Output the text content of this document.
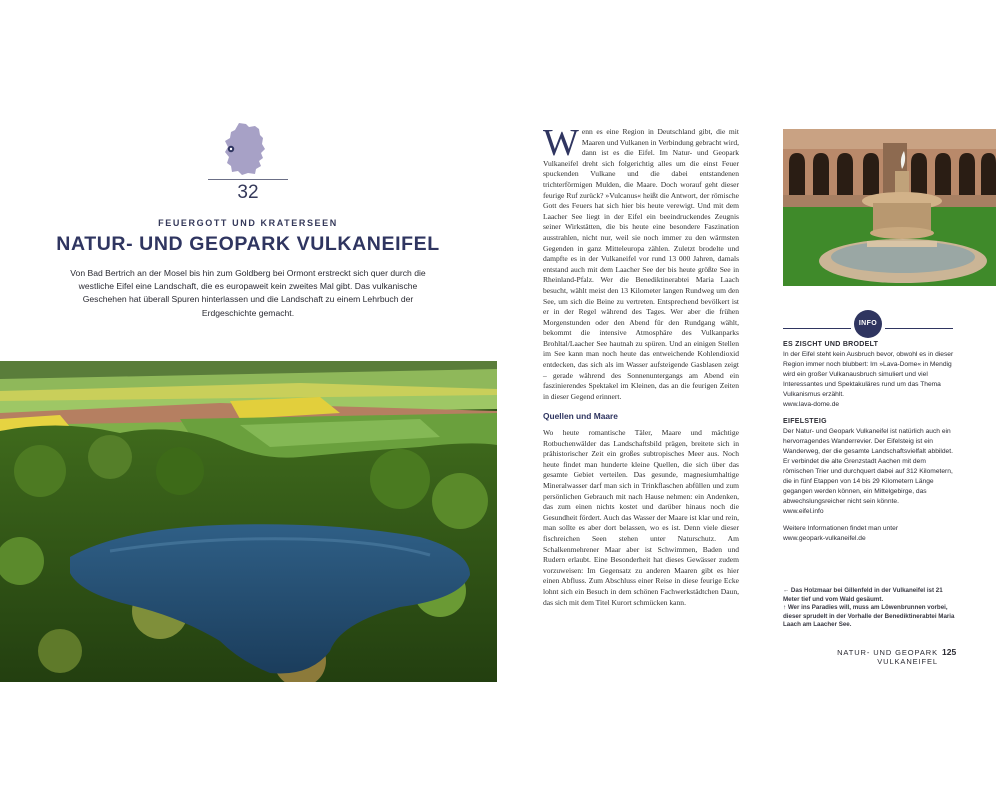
32
FEUERGOTT UND KRATERSEEN
NATUR- UND GEOPARK VULKANEIFEL
Von Bad Bertrich an der Mosel bis hin zum Goldberg bei Ormont erstreckt sich quer durch die westliche Eifel eine Landschaft, die es europaweit kein zweites Mal gibt. Das vulkanische Geschehen hat überall Spuren hinterlassen und die Landschaft zu einem Lehrbuch der Erdgeschichte gemacht.
W enn es eine Region in Deutschland gibt, die mit Maaren und Vulkanen in Verbindung gebracht wird, dann ist es die Eifel. Im Natur- und Geopark Vulkaneifel dreht sich folgerichtig alles um die einst Feuer spuckenden Vulkane und die dabei entstandenen trichterförmigen Mulden, die Maare. Doch worauf geht dieser feurige Ruf zurück? »Vulcanus« heißt die Antwort, der römische Gott des Feuers hat sich hier bis heute verewigt. Und mit dem Laacher See liegt in der Eifel ein beeindruckendes Zeugnis seiner Wirkstätten, die bis heute eine besondere Faszination ausstrahlen, nicht nur, weil sie noch immer zu den wärmsten Gegenden in ganz Mitteleuropa zählen. Zuletzt brodelte und dampfte es in der Vulkaneifel vor rund 13 000 Jahren, damals entstand auch mit dem Laacher See der bis heute größte See in Rheinland-Pfalz. Wer die Benediktinerabtei Maria Laach besucht, wählt meist den 13 Kilometer langen Rundweg um den See, um sich die Beine zu vertreten. Entsprechend bevölkert ist er in der Regel während des Tages. Wer aber die frühen Morgenstunden oder den Abend für den Rundgang wählt, bekommt die intensive Atmosphäre des Vulkanparks Brohltal/Laacher See hautnah zu spüren. Und an einigen Stellen im See kann man noch heute das entweichende Kohlendioxid entdecken, das sich als im Wasser aufsteigende Gasblasen zeigt – gerade während des Sonnenuntergangs am Abend ein faszinierendes Spektakel im Kleinen, das an die feurigen Zeiten in dieser Gegend erinnert.

Quellen und Maare

Wo heute romantische Täler, Maare und mächtige Rotbuchenwälder das Landschaftsbild prägen, breitete sich in prähistorischer Zeit ein großes subtropisches Meer aus. Noch heute findet man hunderte kleine Quellen, die sich über das gesamte Gebiet verteilen. Das gesunde, magnesiumhaltige Mineralwasser darf man sich in Trinkflaschen abfüllen und zum persönlichen Gebrauch mit nach Hause nehmen: ein Andenken, das zum einen nichts kostet und darüber hinaus noch die Gesundheit fördert. Auch das Wasser der Maare ist klar und rein, man sollte es aber dort belassen, wo es ist. Denn viele dieser fischreichen Seen stehen unter Naturschutz. Am Schalkenmehrener Maar aber ist Schwimmen, Baden und Rudern erlaubt. Eine Besonderheit hat dieses Gewässer zudem vorzuweisen: Im Gegensatz zu anderen Maaren gibt es hier einen Abfluss. Zum Abschluss einer Reise in diese feurige Ecke lohnt sich ein Besuch in dem schönen Fachwerkstädtchen Daun, das sich mit dem Titel Kurort schmücken kann.

INFO
ES ZISCHT UND BRODELT

In der Eifel steht kein Ausbruch bevor, obwohl es in dieser Region immer noch blubbert: Im »Lava-Dome« in Mendig wird ein großer Vulkanausbruch simuliert und viel Interessantes und Spektakuläres rund um das Thema Vulkanismus erzählt.
www.lava-dome.de

EIFELSTEIG

Der Natur- und Geopark Vulkaneifel ist natürlich auch ein hervorragendes Wanderrevier. Der Eifelsteig ist ein Wanderweg, der die gesamte Landschaftsvielfalt abbildet. Er verbindet die alte Grenzstadt Aachen mit dem römischen Trier und durchquert dabei auf 312 Kilometern, die in fünf Etappen von 14 bis 29 Kilometern Länge gegangen werden können, ein Mittelgebirge, das abwechslungsreicher nicht sein könnte.
www.eifel.info

Weitere Informationen findet man unter
www.geopark-vulkaneifel.de

← Das Holzmaar bei Gillenfeld in der Vulkaneifel ist 21 Meter tief und vom Wald gesäumt.
↑ Wer ins Paradies will, muss am Löwenbrunnen vorbei, dieser sprudelt in der Vorhalle der Benediktinerabtei Maria Laach am Laacher See.
NATUR- UND GEOPARK VULKANEIFEL
125
